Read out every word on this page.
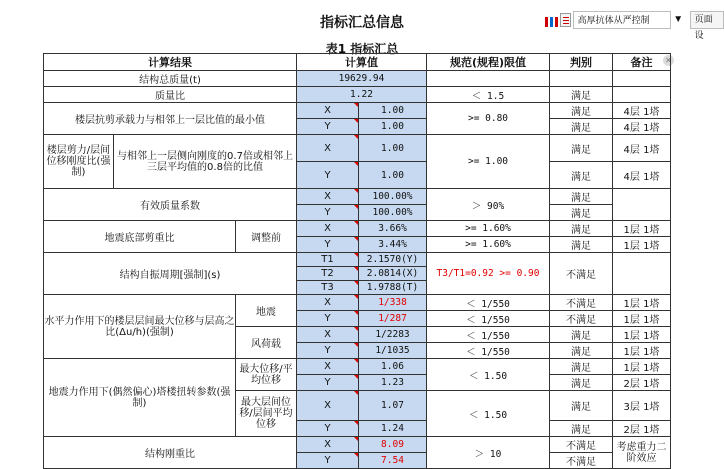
指标汇总信息
表1 指标汇总
高厚抗体从严控制	▼	页面设
✕
计算结果			计算值		规范(规程)限值	判别	备注
结构总质量(t)			19629.94				
质量比			1.22		＜ 1.5	满足	
楼层抗剪承载力与相邻上一层比值的最小值			X	1.00	>= 0.80	满足	4层 1塔
			Y	1.00		满足	4层 1塔
楼层剪力/层间位移刚度比(强制)	与相邻上一层侧向刚度的0.7倍或相邻上三层平均值的0.8倍的比值		X	1.00	>= 1.00	满足	4层 1塔
			Y	1.00		满足	4层 1塔
有效质量系数			X	100.00%	＞ 90%	满足	
			Y	100.00%		满足	
地震底部剪重比		调整前	X	3.66%	>= 1.60%	满足	1层 1塔
			Y	3.44%	>= 1.60%	满足	1层 1塔
结构自振周期[强制](s)			T1	2.1570(Y)	T3/T1=0.92 >= 0.90	不满足	
			T2	2.0814(X)			
			T3	1.9788(T)			
水平力作用下的楼层层间最大位移与层高之比(Δu/h)(强制)		地震	X	1/338	＜ 1/550	不满足	1层 1塔
			Y	1/287	＜ 1/550	不满足	1层 1塔
		风荷载	X	1/2283	＜ 1/550	满足	1层 1塔
			Y	1/1035	＜ 1/550	满足	1层 1塔
地震力作用下(偶然偏心)塔楼扭转参数(强制)		最大位移/平均位移	X	1.06	＜ 1.50	满足	1层 1塔
			Y	1.23		满足	2层 1塔
		最大层间位移/层间平均位移	X	1.07	＜ 1.50	满足	3层 1塔
			Y	1.24		满足	2层 1塔
结构刚重比			X	8.09	＞ 10	不满足	考虑重力二阶效应
			Y	7.54		不满足	
